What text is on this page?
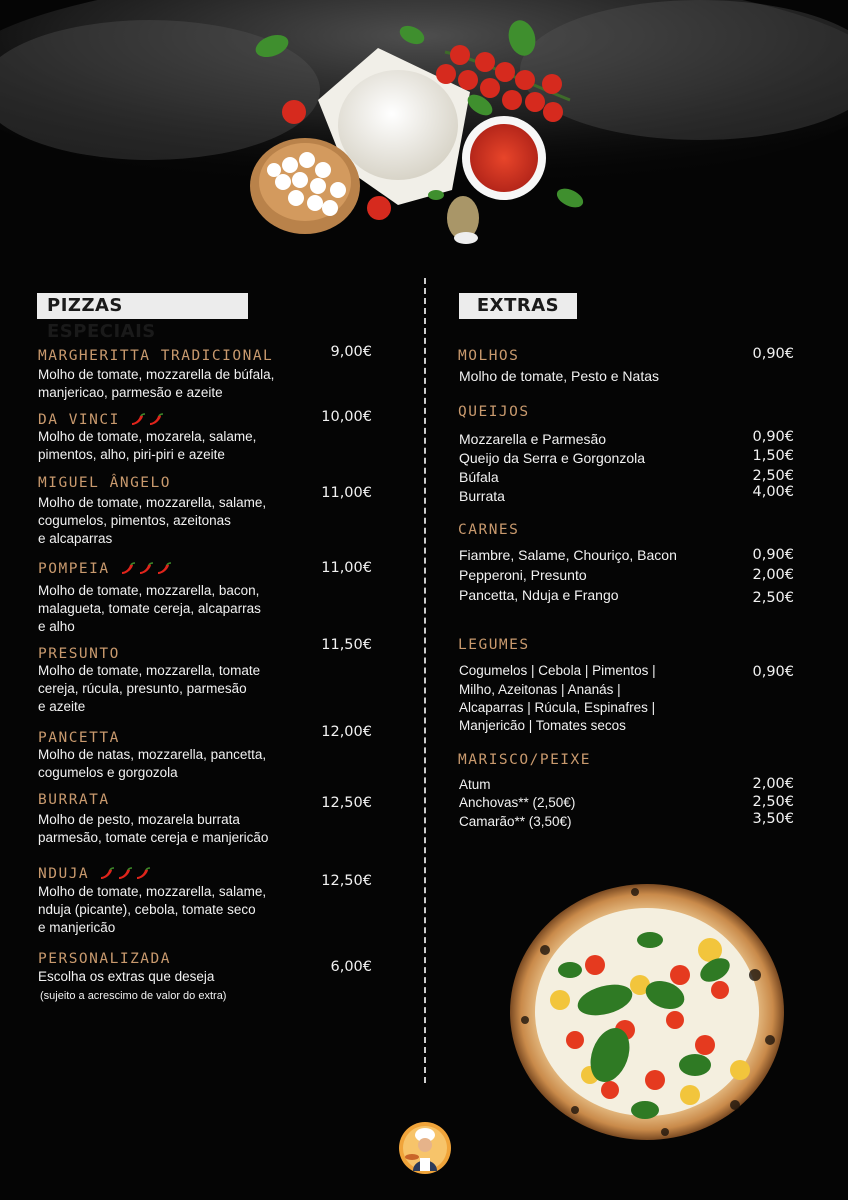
PIZZAS ESPECIAIS
EXTRAS
MARGHERITTA TRADICIONAL
Molho de tomate, mozzarella de búfala,
manjericao, parmesão e azeite
9,00€
DA VINCI
Molho de tomate, mozarela, salame,
pimentos, alho, piri-piri e azeite
10,00€
MIGUEL ÂNGELO
Molho de tomate, mozzarella, salame,
cogumelos, pimentos, azeitonas
e alcaparras
11,00€
POMPEIA
Molho de tomate, mozzarella, bacon,
malagueta, tomate cereja, alcaparras
e alho
11,00€
PRESUNTO
Molho de tomate, mozzarella, tomate
cereja, rúcula, presunto, parmesão
e azeite
11,50€
PANCETTA
Molho de natas, mozzarella, pancetta,
cogumelos e gorgozola
12,00€
BURRATA
Molho de pesto, mozarela burrata
parmesão, tomate cereja e manjericão
12,50€
NDUJA
Molho de tomate, mozzarella, salame,
nduja (picante), cebola, tomate seco
e manjericão
12,50€
PERSONALIZADA
Escolha os extras que deseja
(sujeito a acrescimo de valor do extra)
6,00€
MOLHOS
Molho de tomate, Pesto e Natas
0,90€
QUEIJOS
Mozzarella e Parmesão
Queijo da Serra e Gorgonzola
Búfala
Burrata
0,90€
1,50€
2,50€
4,00€
CARNES
Fiambre, Salame, Chouriço, Bacon
Pepperoni, Presunto
Pancetta, Nduja e Frango
0,90€
2,00€
2,50€
LEGUMES
Cogumelos | Cebola | Pimentos |
Milho, Azeitonas | Ananás |
Alcaparras | Rúcula, Espinafres |
Manjericão | Tomates secos
0,90€
MARISCO/PEIXE
Atum
Anchovas** (2,50€)
Camarão** (3,50€)
2,00€
2,50€
3,50€
